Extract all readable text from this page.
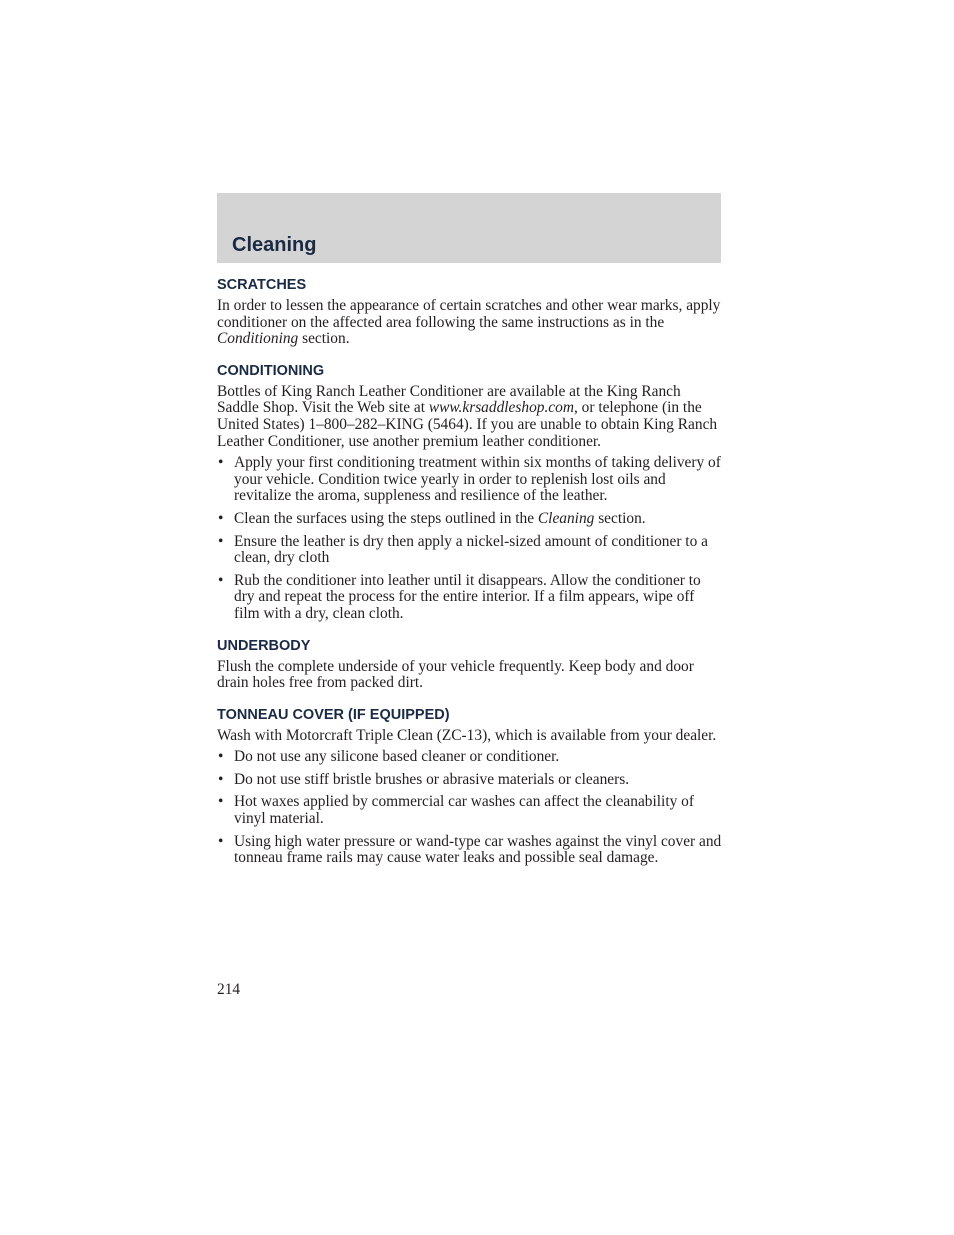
Cleaning
SCRATCHES

In order to lessen the appearance of certain scratches and other wear marks, apply conditioner on the affected area following the same instructions as in the Conditioning section.

CONDITIONING

Bottles of King Ranch Leather Conditioner are available at the King Ranch Saddle Shop. Visit the Web site at www.krsaddleshop.com, or telephone (in the United States) 1–800–282–KING (5464). If you are unable to obtain King Ranch Leather Conditioner, use another premium leather conditioner.

• Apply your first conditioning treatment within six months of taking delivery of your vehicle. Condition twice yearly in order to replenish lost oils and revitalize the aroma, suppleness and resilience of the leather.
• Clean the surfaces using the steps outlined in the Cleaning section.
• Ensure the leather is dry then apply a nickel-sized amount of conditioner to a clean, dry cloth
• Rub the conditioner into leather until it disappears. Allow the conditioner to dry and repeat the process for the entire interior. If a film appears, wipe off film with a dry, clean cloth.
UNDERBODY

Flush the complete underside of your vehicle frequently. Keep body and door drain holes free from packed dirt.

TONNEAU COVER (IF EQUIPPED)

Wash with Motorcraft Triple Clean (ZC-13), which is available from your dealer.

• Do not use any silicone based cleaner or conditioner.
• Do not use stiff bristle brushes or abrasive materials or cleaners.
• Hot waxes applied by commercial car washes can affect the cleanability of vinyl material.
• Using high water pressure or wand-type car washes against the vinyl cover and tonneau frame rails may cause water leaks and possible seal damage.
214
